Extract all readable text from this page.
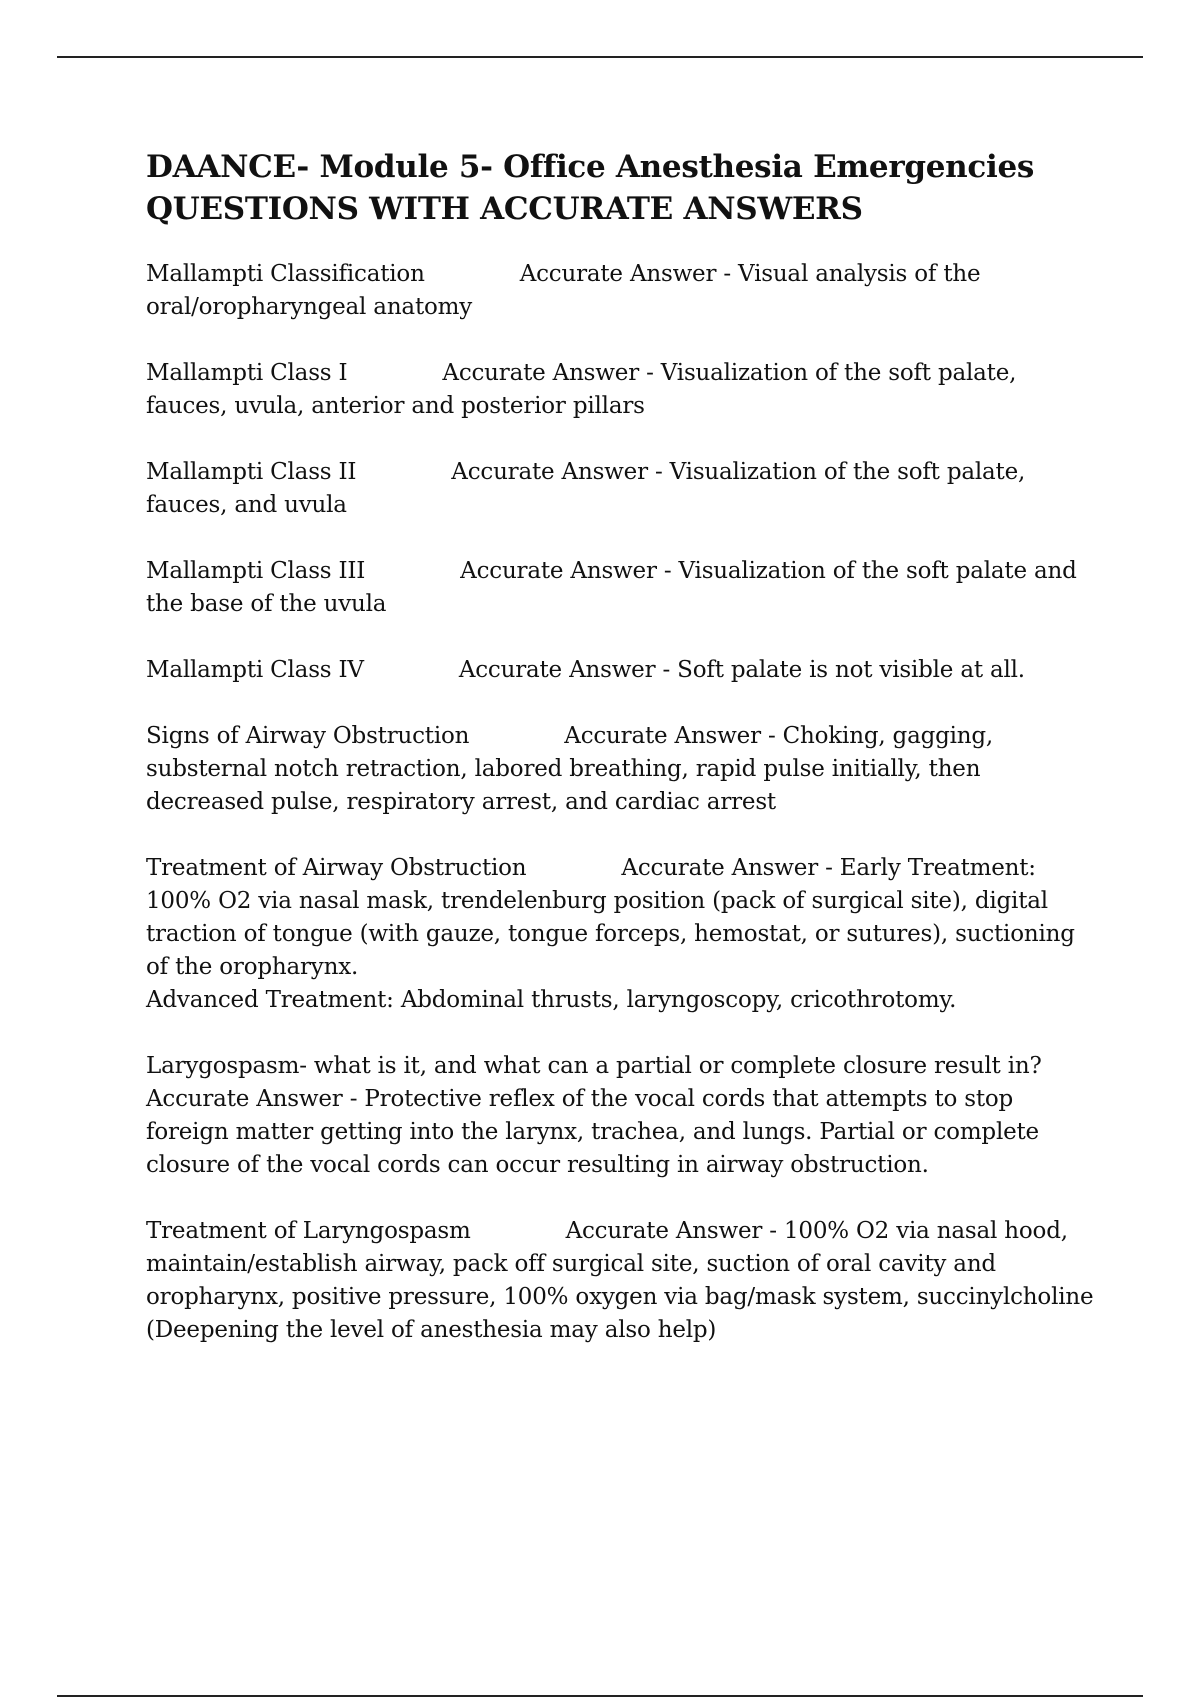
DAANCE- Module 5- Office Anesthesia Emergencies
QUESTIONS WITH ACCURATE ANSWERS
Mallampti Classification	Accurate Answer - Visual analysis of the oral/oropharyngeal anatomy
Mallampti Class I	Accurate Answer - Visualization of the soft palate, fauces, uvula, anterior and posterior pillars
Mallampti Class II	Accurate Answer - Visualization of the soft palate, fauces, and uvula
Mallampti Class III	Accurate Answer - Visualization of the soft palate and the base of the uvula
Mallampti Class IV	Accurate Answer - Soft palate is not visible at all.
Signs of Airway Obstruction	Accurate Answer - Choking, gagging, substernal notch retraction, labored breathing, rapid pulse initially, then decreased pulse, respiratory arrest, and cardiac arrest
Treatment of Airway Obstruction	Accurate Answer - Early Treatment: 100% O2 via nasal mask, trendelenburg position (pack of surgical site), digital traction of tongue (with gauze, tongue forceps, hemostat, or sutures), suctioning of the oropharynx.
Advanced Treatment: Abdominal thrusts, laryngoscopy, cricothrotomy.
Larygospasm- what is it, and what can a partial or complete closure result in?
Accurate Answer - Protective reflex of the vocal cords that attempts to stop foreign matter getting into the larynx, trachea, and lungs. Partial or complete closure of the vocal cords can occur resulting in airway obstruction.
Treatment of Laryngospasm	Accurate Answer - 100% O2 via nasal hood, maintain/establish airway, pack off surgical site, suction of oral cavity and oropharynx, positive pressure, 100% oxygen via bag/mask system, succinylcholine
(Deepening the level of anesthesia may also help)
